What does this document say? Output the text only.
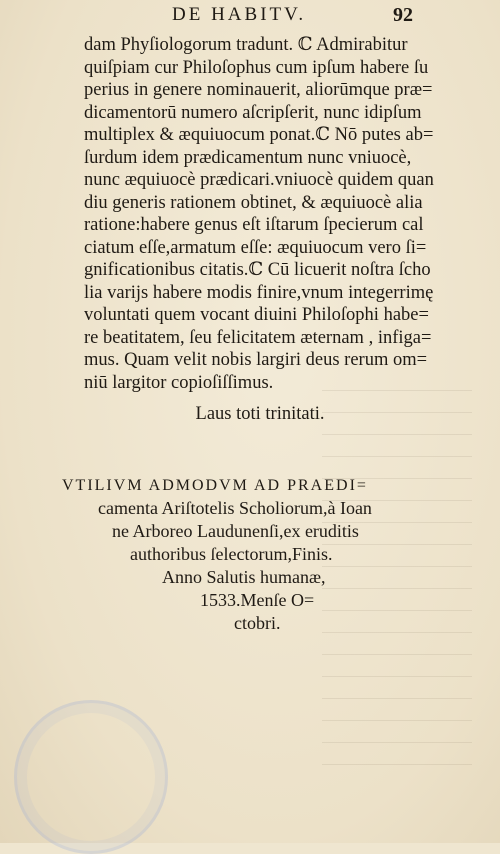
DE HABITV.	92
dam Phyſiologorum tradunt. ℂ Admirabitur
quiſpiam cur Philoſophus cum ipſum habere ſu
perius in genere nominauerit, aliorūmque præ=
dicamentorū numero aſcripſerit, nunc idipſum
multiplex & æquiuocum ponat.ℂ Nō putes ab=
ſurdum idem prædicamentum nunc vniuocè,
nunc æquiuocè prædicari.vniuocè quidem quan
diu generis rationem obtinet, & æquiuocè alia
ratione:habere genus eſt iſtarum ſpecierum cal
ciatum eſſe,armatum eſſe: æquiuocum vero ſi=
gnificationibus citatis.ℂ Cū licuerit noſtra ſcho
lia varijs habere modis finire,vnum integerrimę
voluntati quem vocant diuini Philoſophi habe=
re beatitatem, ſeu felicitatem æternam , infiga=
mus. Quam velit nobis largiri deus rerum om=
niū largitor copioſiſſimus.
Laus toti trinitati.
VTILIVM ADMODVM AD PRAEDI=
camenta Ariſtotelis Scholiorum,à Ioan
ne Arboreo Laudunenſi,ex eruditis
authoribus ſelectorum,Finis.
Anno Salutis humanæ,
1533.Menſe O=
ctobri.
